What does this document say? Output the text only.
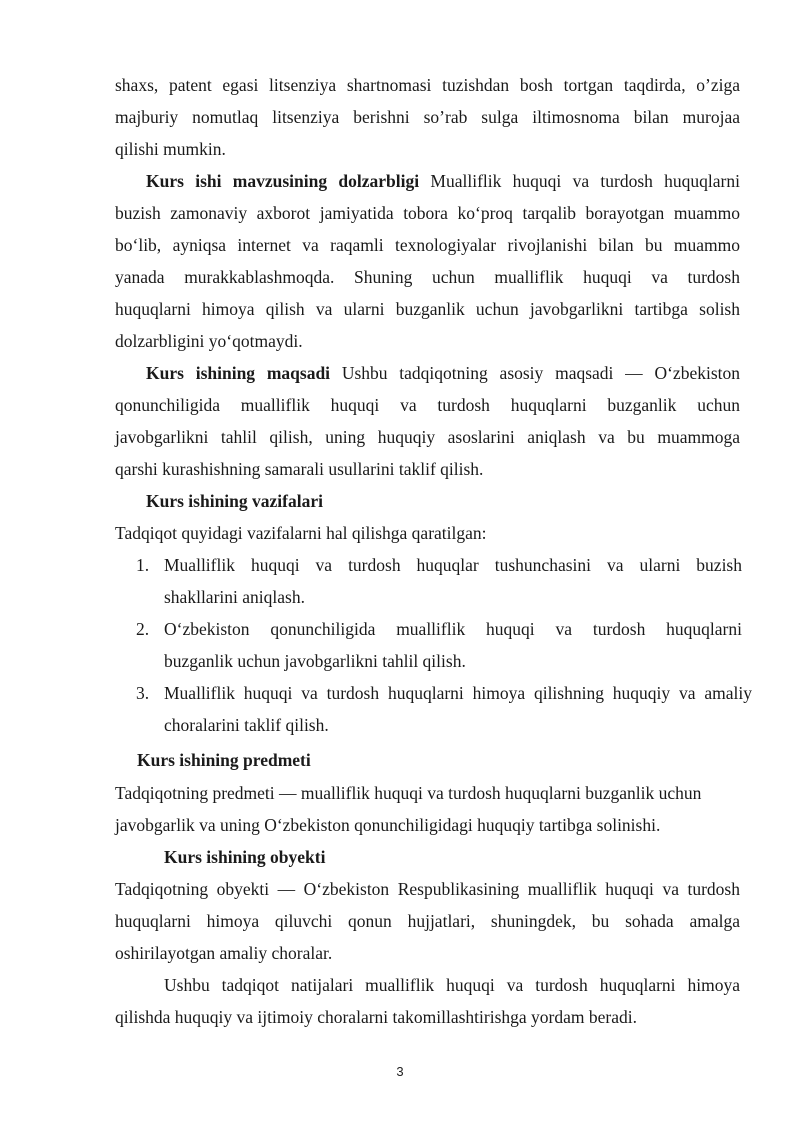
shaxs, patent egasi litsenziya shartnomasi tuzishdan bosh tortgan taqdirda, o’ziga
majburiy nomutlaq litsenziya berishni so’rab sulga iltimosnoma bilan murojaa
qilishi mumkin.
Kurs ishi mavzusining dolzarbligi Mualliflik huquqi va turdosh huquqlarni
buzish zamonaviy axborot jamiyatida tobora ko‘proq tarqalib borayotgan muammo
bo‘lib, ayniqsa internet va raqamli texnologiyalar rivojlanishi bilan bu muammo
yanada murakkablashmoqda. Shuning uchun mualliflik huquqi va turdosh
huquqlarni himoya qilish va ularni buzganlik uchun javobgarlikni tartibga solish
dolzarbligini yo‘qotmaydi.
Kurs ishining maqsadi Ushbu tadqiqotning asosiy maqsadi — O‘zbekiston
qonunchiligida mualliflik huquqi va turdosh huquqlarni buzganlik uchun
javobgarlikni tahlil qilish, uning huquqiy asoslarini aniqlash va bu muammoga
qarshi kurashishning samarali usullarini taklif qilish.
Kurs ishining vazifalari
Tadqiqot quyidagi vazifalarni hal qilishga qaratilgan:
1. Mualliflik huquqi va turdosh huquqlar tushunchasini va ularni buzish
shakllarini aniqlash.
2. O‘zbekiston qonunchiligida mualliflik huquqi va turdosh huquqlarni
buzganlik uchun javobgarlikni tahlil qilish.
3. Mualliflik huquqi va turdosh huquqlarni himoya qilishning huquqiy va amaliy
choralarini taklif qilish.
Kurs ishining predmeti
Tadqiqotning predmeti — mualliflik huquqi va turdosh huquqlarni buzganlik uchun
javobgarlik va uning O‘zbekiston qonunchiligidagi huquqiy tartibga solinishi.
Kurs ishining obyekti
Tadqiqotning obyekti — O‘zbekiston Respublikasining mualliflik huquqi va turdosh
huquqlarni himoya qiluvchi qonun hujjatlari, shuningdek, bu sohada amalga
oshirilayotgan amaliy choralar.
Ushbu tadqiqot natijalari mualliflik huquqi va turdosh huquqlarni himoya
qilishda huquqiy va ijtimoiy choralarni takomillashtirishga yordam beradi.
3
